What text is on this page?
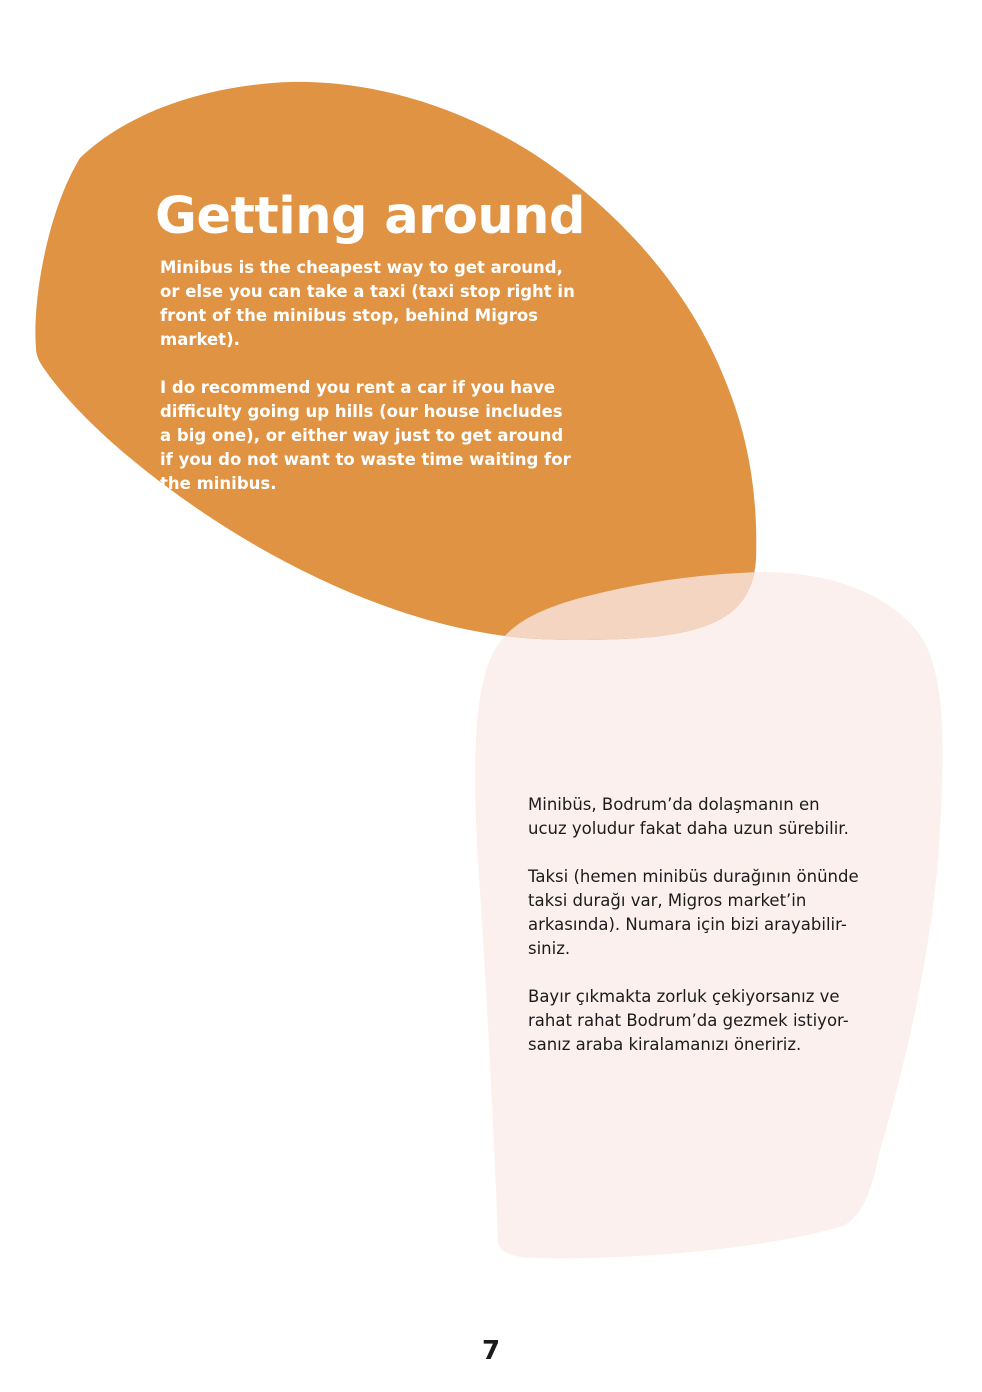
Getting around

Minibus is the cheapest way to get around,
or else you can take a taxi (taxi stop right in
front of the minibus stop, behind Migros
market).

I do recommend you rent a car if you have
difficulty going up hills (our house includes
a big one), or either way just to get around
if you do not want to waste time waiting for
the minibus.

Minibüs, Bodrum’da dolaşmanın en
ucuz yoludur fakat daha uzun sürebilir.

Taksi (hemen minibüs durağının önünde
taksi durağı var, Migros market’in
arkasında). Numara için bizi arayabilir-
siniz.

Bayır çıkmakta zorluk çekiyorsanız ve
rahat rahat Bodrum’da gezmek istiyor-
sanız araba kiralamanızı öneririz.

7
